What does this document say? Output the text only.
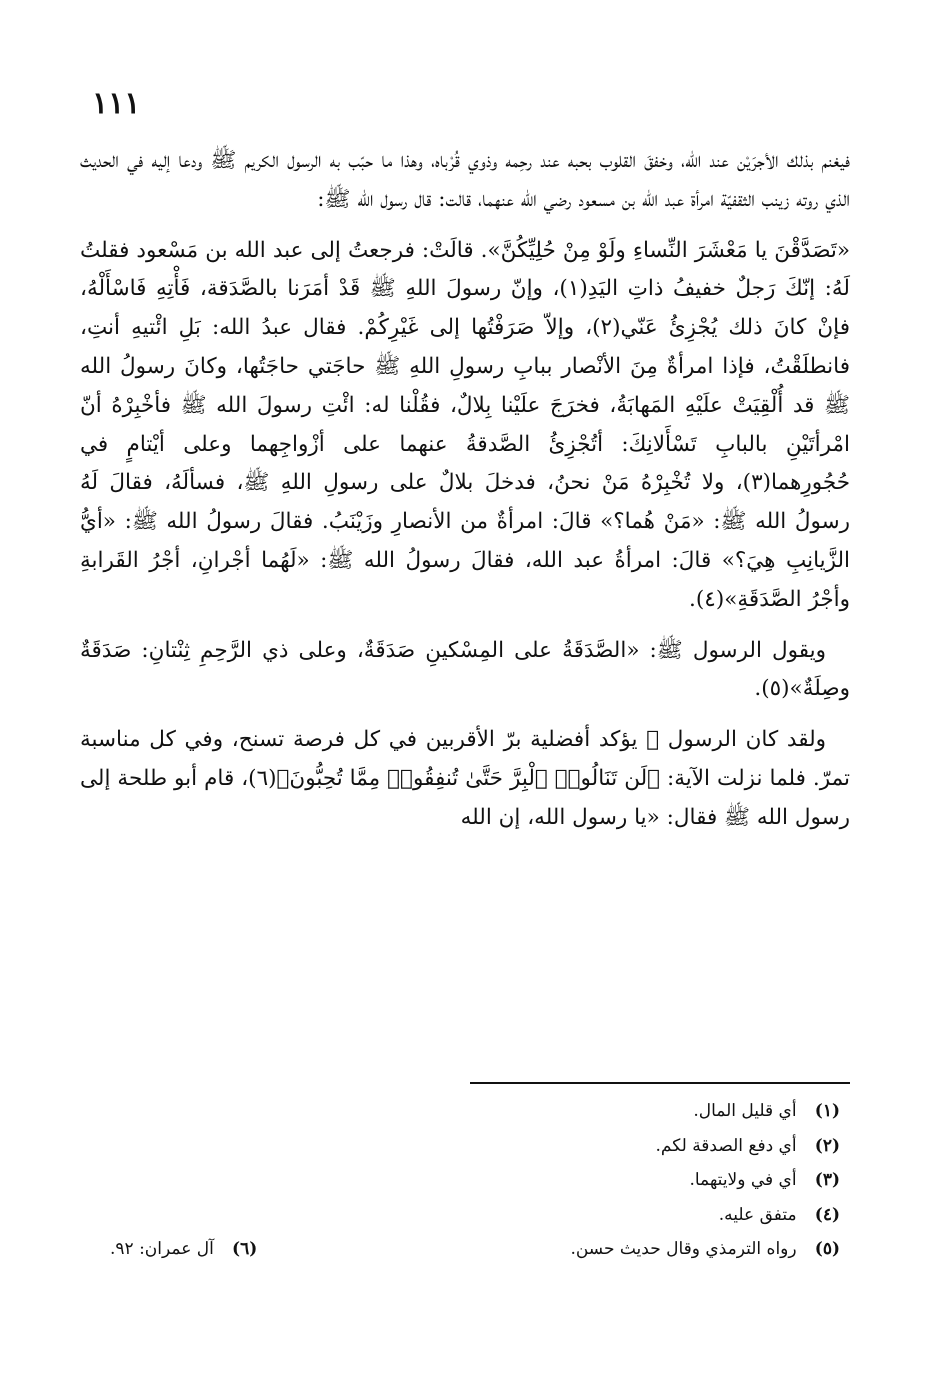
١١١

فيغنم بذلك الأجرَيْن عند الله، وخفقَ القلوب بحبه عند رحِمه وذوي قُرْباه، وهذا ما حبّب به الرسول الكريم ﷺ ودعا إليه في الحديث الذي روته زينب الثقفيّة امرأة عبد الله بن مسعود رضي الله عنهما، قالت: قال رسول الله ﷺ:

«تَصَدَّقْنَ يا مَعْشَرَ النِّساءِ ولَوْ مِنْ حُلِيِّكُنَّ». قالَتْ: فرجعتُ إلى عبد الله بن مَسْعود فقلتُ لَهُ: إنّكَ رَجلٌ خفيفُ ذاتِ اليَدِ(١)، وإنّ رسولَ اللهِ ﷺ قَدْ أمَرَنا بالصَّدَقة، فَأْتِهِ فَاسْأَلْهُ، فإنْ كانَ ذلك يُجْزِئُ عَنّي(٢)، وإلاّ صَرَفْتُها إلى غَيْرِكُمْ. فقال عبدُ الله: بَلِ ائْتيهِ أنتِ، فانطلَقْتُ، فإذا امرأةٌ مِنَ الأنْصار ببابِ رسولِ اللهِ ﷺ حاجَتي حاجَتُها، وكانَ رسولُ الله ﷺ قد أُلْقِيَتْ علَيْهِ المَهابَةُ، فخرَجَ علَيْنا بِلالٌ، فقُلْنا له: ائْتِ رسولَ الله ﷺ فأخْبِرْهُ أنّ امْرأتَيْنِ بالبابِ تَسْأَلانِكَ: أتُجْزِئُ الصَّدقةُ عنهما على أزْواجِهما وعلى أيْتامٍ في حُجُورِهما(٣)، ولا تُخْبِرْهُ مَنْ نحنُ، فدخلَ بلالٌ على رسولِ اللهِ ﷺ، فسألَهُ، فقالَ لَهُ رسولُ الله ﷺ: «مَنْ هُما؟» قالَ: امرأةٌ من الأنصارِ وزَيْنَبُ. فقالَ رسولُ الله ﷺ: «أيُّ الزَّيانِبِ هِيَ؟» قالَ: امرأةُ عبد الله، فقالَ رسولُ الله ﷺ: «لَهُما أجْرانِ، أجْرُ القَرابةِ وأجْرُ الصَّدَقَةِ»(٤).

ويقول الرسول ﷺ: «الصَّدَقَةُ على المِسْكينِ صَدَقَةٌ، وعلى ذي الرَّحِمِ ثِنْتانِ: صَدَقَةٌ وصِلَةٌ»(٥).

ولقد كان الرسول ﷺ يؤكد أفضلية برّ الأقربين في كل فرصة تسنح، وفي كل مناسبة تمرّ. فلما نزلت الآية: ﴿لَن تَنَالُوا۟ ٱلْبِرَّ حَتَّىٰ تُنفِقُوا۟ مِمَّا تُحِبُّونَ﴾(٦)، قام أبو طلحة إلى رسول الله ﷺ فقال: «يا رسول الله، إن الله

(١) أي قليل المال.
(٢) أي دفع الصدقة لكم.
(٣) أي في ولايتهما.
(٤) متفق عليه.
(٥) رواه الترمذي وقال حديث حسن.
(٦) آل عمران: ٩٢.
